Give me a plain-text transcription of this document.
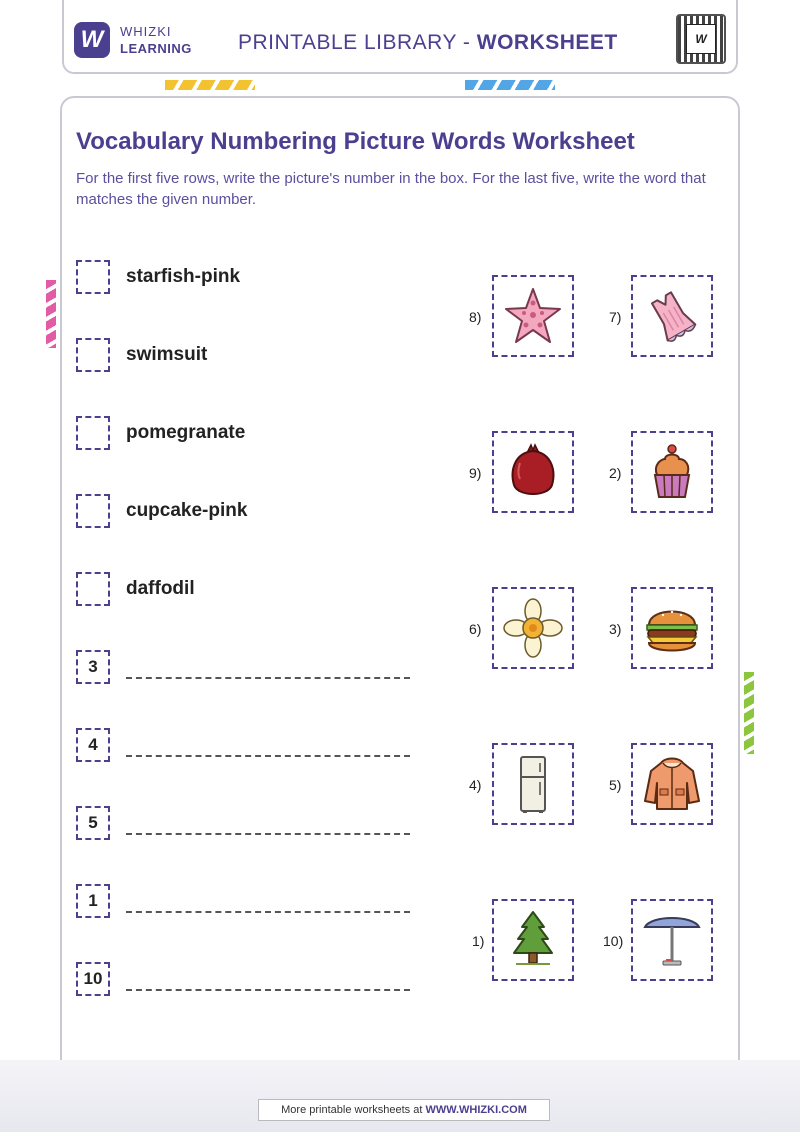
W	WHIZKI
LEARNING PRINTABLE LIBRARY - WORKSHEET	W
Vocabulary Numbering Picture Words Worksheet
For the first five rows, write the picture's number in the box. For the last five, write the word that matches the given number.
starfish-pink
swimsuit
pomegranate
cupcake-pink
daffodil
3
4
5
1
10
8)	7)
9)	2)
6)	3)
4)	5)
1)	10)
More printable worksheets at WWW.WHIZKI.COM
